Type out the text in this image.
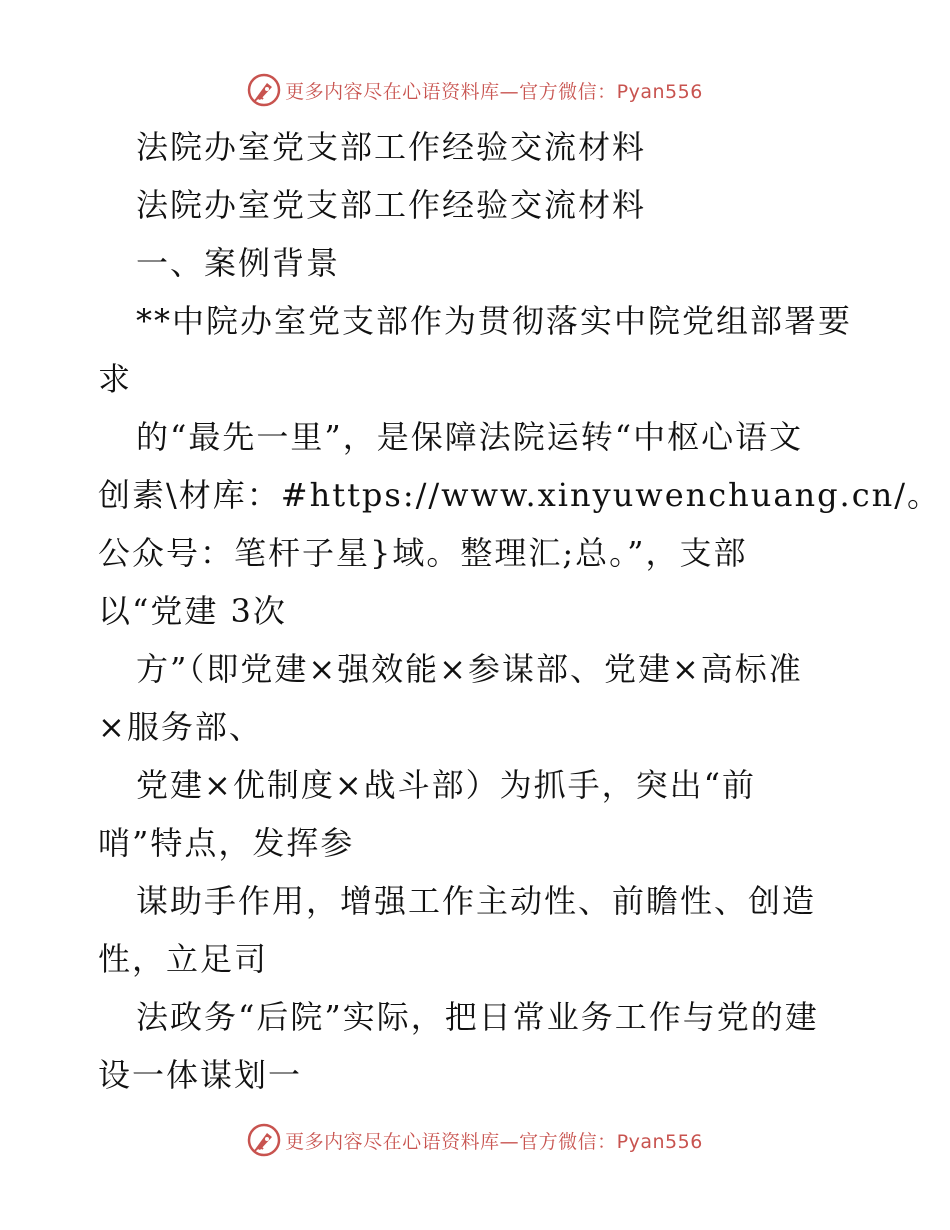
更多内容尽在心语资料库—官方微信：Pyan556
法院办室党支部工作经验交流材料
法院办室党支部工作经验交流材料
一、案例背景
**中院办室党支部作为贯彻落实中院党组部署要
求
的“最先一里”，是保障法院运转“中枢心语文
创素\材库：#https://www.xinyuwenchuang.cn/。
公众号：笔杆子星}域。整理汇;总。”，支部
以“党建 3次
方”（即党建×强效能×参谋部、党建×高标准
×服务部、
党建×优制度×战斗部）为抓手，突出“前
哨”特点，发挥参
谋助手作用，增强工作主动性、前瞻性、创造
性，立足司
法政务“后院”实际，把日常业务工作与党的建
设一体谋划一
更多内容尽在心语资料库—官方微信：Pyan556
